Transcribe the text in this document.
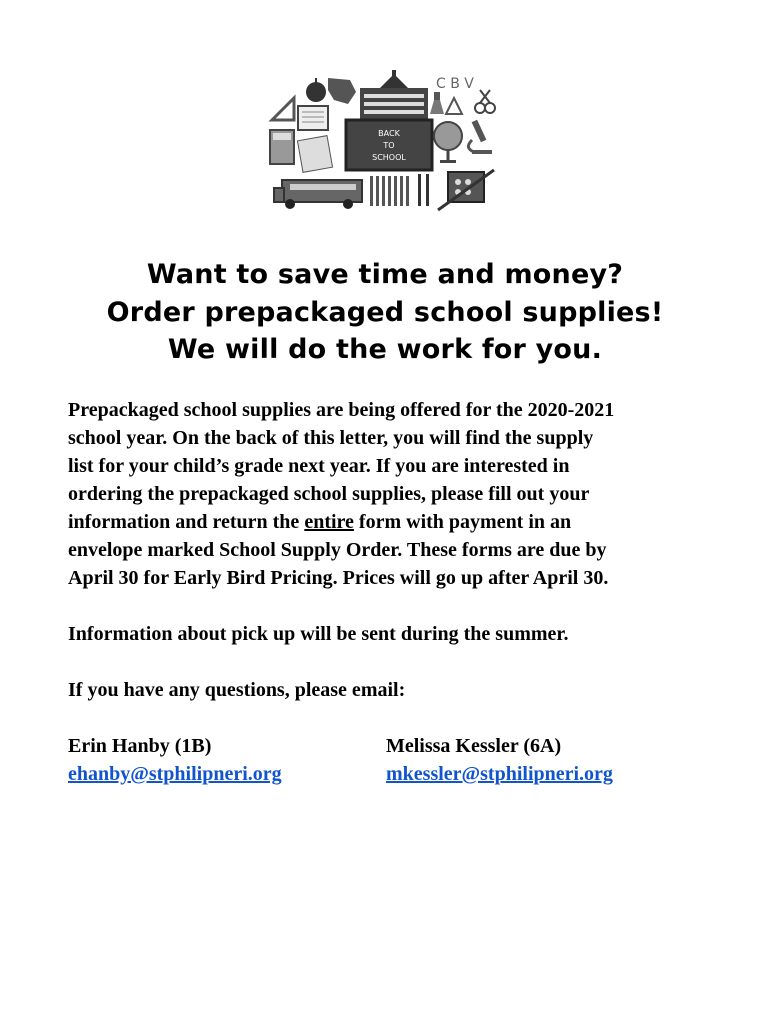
C B V
BACK
TO
SCHOOL
Want to save time and money?
Order prepackaged school supplies!
We will do the work for you.

Prepackaged school supplies are being offered for the 2020-2021
school year. On the back of this letter, you will find the supply
list for your child’s grade next year. If you are interested in
ordering the prepackaged school supplies, please fill out your
information and return the entire form with payment in an
envelope marked School Supply Order. These forms are due by
April 30 for Early Bird Pricing. Prices will go up after April 30.

Information about pick up will be sent during the summer.

If you have any questions, please email:

Erin Hanby (1B)
ehanby@stphilipneri.org
Melissa Kessler (6A)
mkessler@stphilipneri.org
